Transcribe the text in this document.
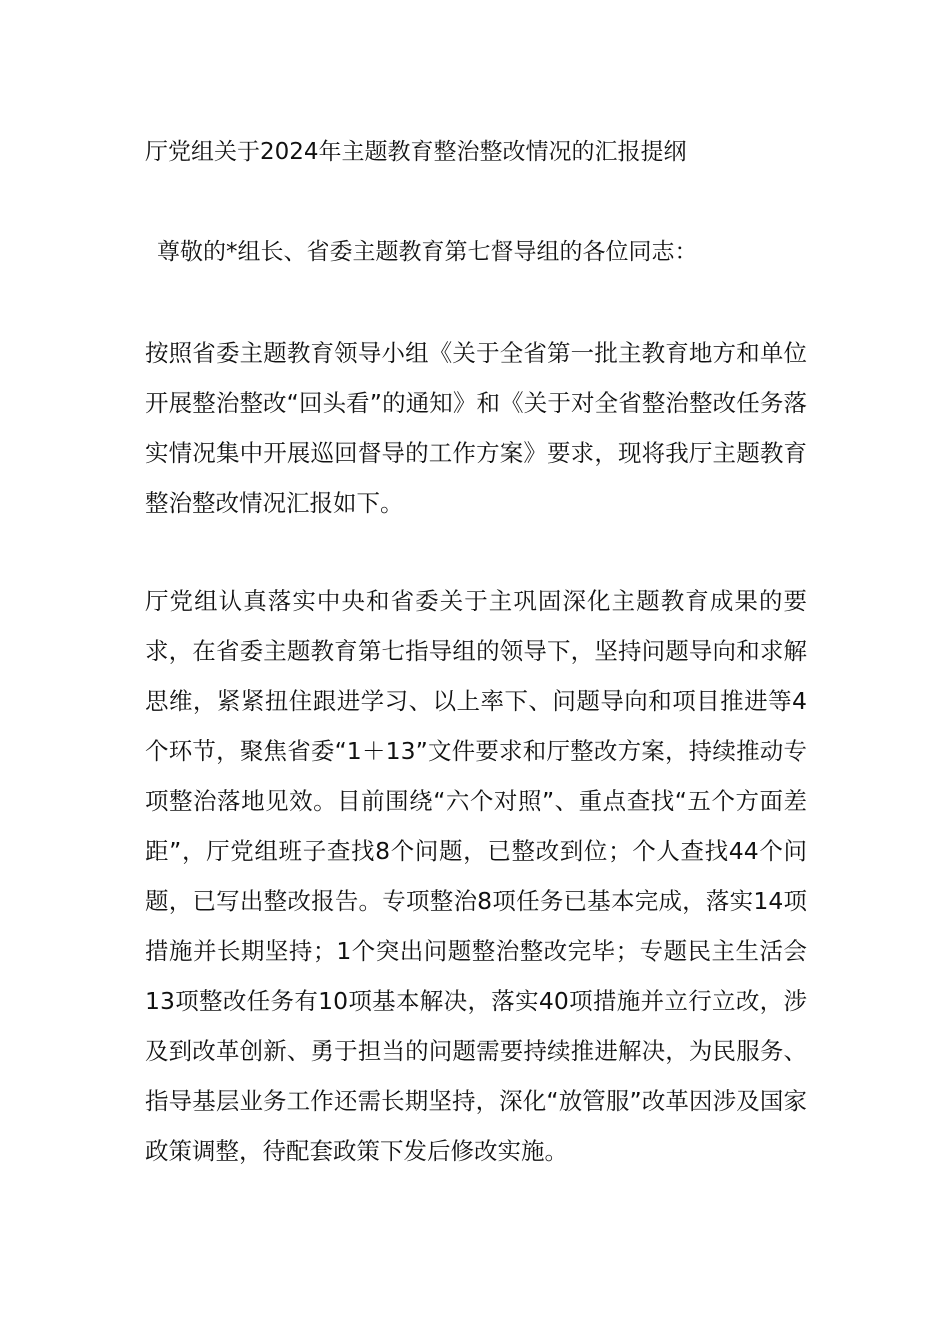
厅党组关于2024年主题教育整治整改情况的汇报提纲

尊敬的*组长、省委主题教育第七督导组的各位同志：

按照省委主题教育领导小组《关于全省第一批主教育地方和单位开展整治整改“回头看”的通知》和《关于对全省整治整改任务落实情况集中开展巡回督导的工作方案》要求，现将我厅主题教育整治整改情况汇报如下。

厅党组认真落实中央和省委关于主巩固深化主题教育成果的要求，在省委主题教育第七指导组的领导下，坚持问题导向和求解思维，紧紧扭住跟进学习、以上率下、问题导向和项目推进等4个环节，聚焦省委“1＋13”文件要求和厅整改方案，持续推动专项整治落地见效。目前围绕“六个对照”、重点查找“五个方面差距”，厅党组班子查找8个问题，已整改到位；个人查找44个问题，已写出整改报告。专项整治8项任务已基本完成，落实14项措施并长期坚持；1个突出问题整治整改完毕；专题民主生活会13项整改任务有10项基本解决，落实40项措施并立行立改，涉及到改革创新、勇于担当的问题需要持续推进解决，为民服务、指导基层业务工作还需长期坚持，深化“放管服”改革因涉及国家政策调整，待配套政策下发后修改实施。
